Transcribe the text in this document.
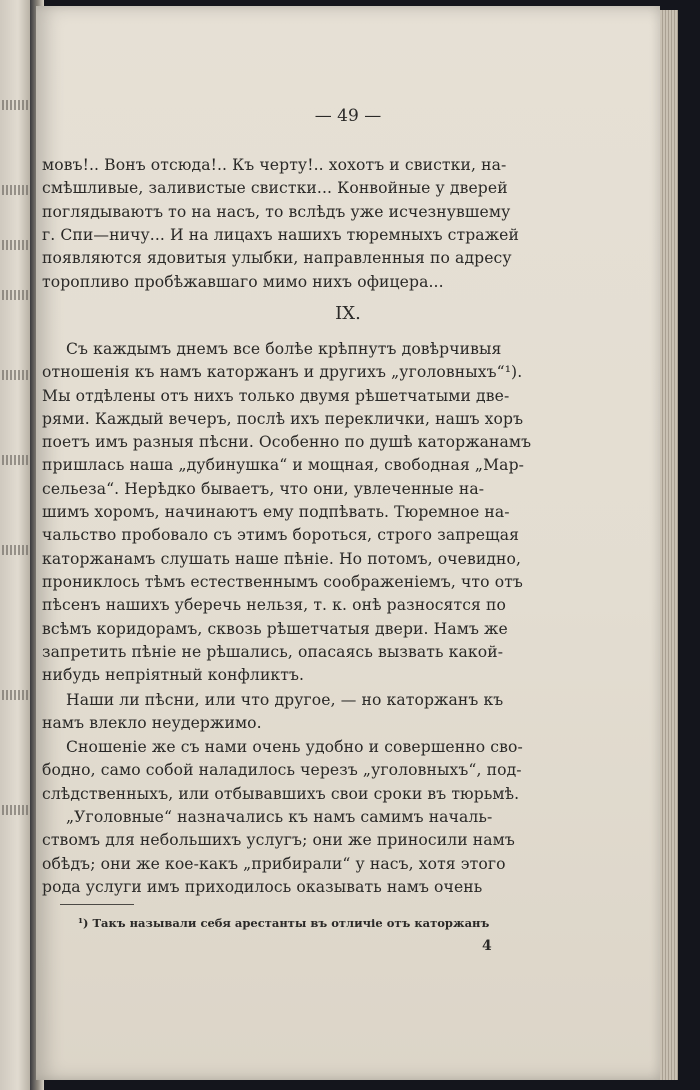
— 49 —
мовъ!.. Вонъ отсюда!.. Къ черту!.. хохотъ и свистки, на-
смѣшливые, заливистые свистки... Конвойные у дверей
поглядываютъ то на насъ, то вслѣдъ уже исчезнувшему
г. Спи—ничу... И на лицахъ нашихъ тюремныхъ стражей
появляются ядовитыя улыбки, направленныя по адресу
торопливо пробѣжавшаго мимо нихъ офицера...
IX.
Съ каждымъ днемъ все болѣе крѣпнутъ довѣрчивыя
отношенія къ намъ каторжанъ и другихъ „уголовныхъ“¹).
Мы отдѣлены отъ нихъ только двумя рѣшетчатыми две-
рями. Каждый вечеръ, послѣ ихъ переклички, нашъ хоръ
поетъ имъ разныя пѣсни. Особенно по душѣ каторжанамъ
пришлась наша „дубинушка“ и мощная, свободная „Мар-
сельеза“. Нерѣдко бываетъ, что они, увлеченные на-
шимъ хоромъ, начинаютъ ему подпѣвать. Тюремное на-
чальство пробовало съ этимъ бороться, строго запрещая
каторжанамъ слушать наше пѣніе. Но потомъ, очевидно,
прониклось тѣмъ естественнымъ соображеніемъ, что отъ
пѣсенъ нашихъ уберечь нельзя, т. к. онѣ разносятся по
всѣмъ коридорамъ, сквозь рѣшетчатыя двери. Намъ же
запретить пѣніе не рѣшались, опасаясь вызвать какой-
нибудь непріятный конфликтъ.
Наши ли пѣсни, или что другое, — но каторжанъ къ
намъ влекло неудержимо.
Сношеніе же съ нами очень удобно и совершенно сво-
бодно, само собой наладилось черезъ „уголовныхъ“, под-
слѣдственныхъ, или отбывавшихъ свои сроки въ тюрьмѣ.
„Уголовные“ назначались къ намъ самимъ началь-
ствомъ для небольшихъ услугъ; они же приносили намъ
обѣдъ; они же кое-какъ „прибирали“ у насъ, хотя этого
рода услуги имъ приходилось оказывать намъ очень
¹) Такъ называли себя арестанты въ отличіе отъ каторжанъ
4
